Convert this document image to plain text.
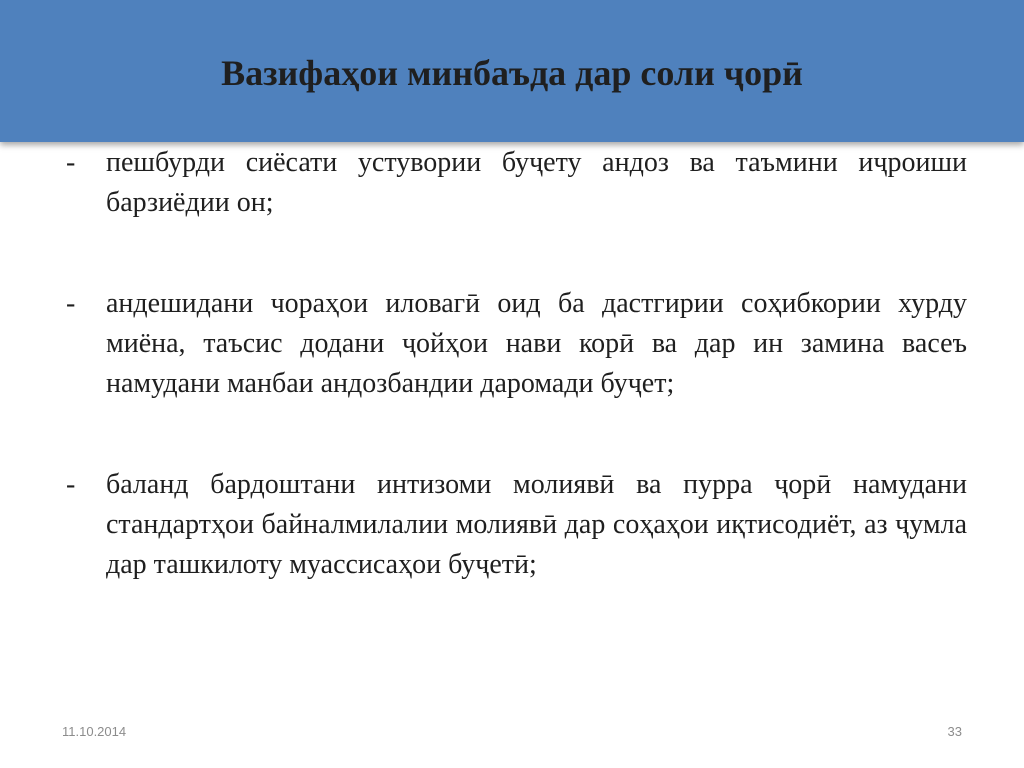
Вазифаҳои минбаъда дар соли ҷорӣ
- пешбурди сиёсати устувории буҷету андоз ва таъмини иҷроиши барзиёдии он;
- андешидани чораҳои иловагӣ оид ба дастгирии соҳибкории хурду миёна, таъсис додани ҷойҳои нави корӣ ва дар ин замина васеъ намудани манбаи андозбандии даромади буҷет;
- баланд бардоштани интизоми молиявӣ ва пурра ҷорӣ намудани стандартҳои байналмилалии молиявӣ дар соҳаҳои иқтисодиёт, аз ҷумла дар ташкилоту муассисаҳои буҷетӣ;
11.10.2014	33
